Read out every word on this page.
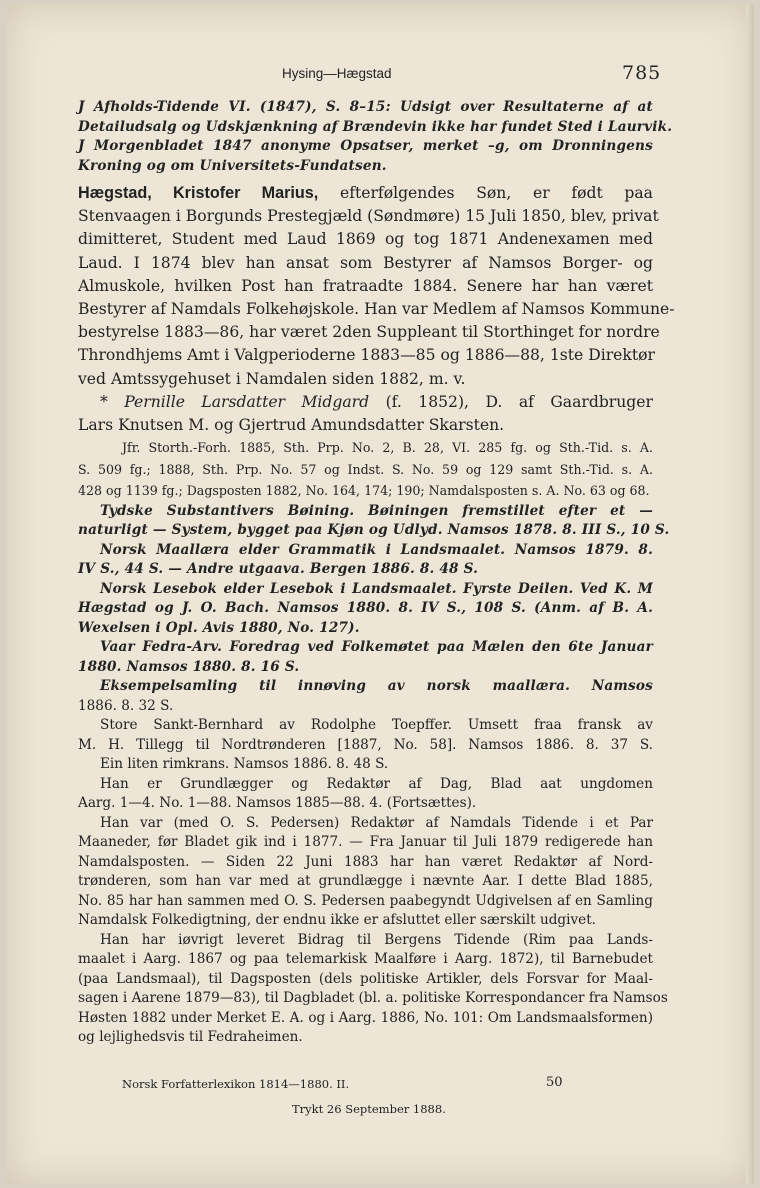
Hysing—Hægstad	785
J Afholds-Tidende VI. (1847), S. 8–15: Udsigt over Resultaterne af at
Detailudsalg og Udskjænkning af Brændevin ikke har fundet Sted i Laurvik.
J Morgenbladet 1847 anonyme Opsatser, merket –g, om Dronningens
Kroning og om Universitets-Fundatsen.
Hægstad, Kristofer Marius, efterfølgendes Søn, er født paa
Stenvaagen i Borgunds Prestegjæld (Søndmøre) 15 Juli 1850, blev, privat
dimitteret, Student med Laud 1869 og tog 1871 Andenexamen med
Laud. I 1874 blev han ansat som Bestyrer af Namsos Borger- og
Almuskole, hvilken Post han fratraadte 1884. Senere har han været
Bestyrer af Namdals Folkehøjskole. Han var Medlem af Namsos Kommune-
bestyrelse 1883—86, har været 2den Suppleant til Storthinget for nordre
Throndhjems Amt i Valgperioderne 1883—85 og 1886—88, 1ste Direktør
ved Amtssygehuset i Namdalen siden 1882, m. v.
* Pernille Larsdatter Midgard (f. 1852), D. af Gaardbruger
Lars Knutsen M. og Gjertrud Amundsdatter Skarsten.
Jfr. Storth.-Forh. 1885, Sth. Prp. No. 2, B. 28, VI. 285 fg. og Sth.-Tid. s. A.
S. 509 fg.; 1888, Sth. Prp. No. 57 og Indst. S. No. 59 og 129 samt Sth.-Tid. s. A.
428 og 1139 fg.; Dagsposten 1882, No. 164, 174; 190; Namdalsposten s. A. No. 63 og 68.
Tydske Substantivers Bøining. Bøiningen fremstillet efter et —
naturligt — System, bygget paa Kjøn og Udlyd. Namsos 1878. 8. III S., 10 S.
Norsk Maallæra elder Grammatik i Landsmaalet. Namsos 1879. 8.
IV S., 44 S. — Andre utgaava. Bergen 1886. 8. 48 S.
Norsk Lesebok elder Lesebok i Landsmaalet. Fyrste Deilen. Ved K. M
Hægstad og J. O. Bach. Namsos 1880. 8. IV S., 108 S. (Anm. af B. A.
Wexelsen i Opl. Avis 1880, No. 127).
Vaar Fedra-Arv. Foredrag ved Folkemøtet paa Mælen den 6te Januar
1880. Namsos 1880. 8. 16 S.
Eksempelsamling til innøving av norsk maallæra. Namsos
1886. 8. 32 S.
Store Sankt-Bernhard av Rodolphe Toepffer. Umsett fraa fransk av
M. H. Tillegg til Nordtrønderen [1887, No. 58]. Namsos 1886. 8. 37 S.
Ein liten rimkrans. Namsos 1886. 8. 48 S.
Han er Grundlægger og Redaktør af Dag, Blad aat ungdomen
Aarg. 1—4. No. 1—88. Namsos 1885—88. 4. (Fortsættes).
Han var (med O. S. Pedersen) Redaktør af Namdals Tidende i et Par
Maaneder, før Bladet gik ind i 1877. — Fra Januar til Juli 1879 redigerede han
Namdalsposten. — Siden 22 Juni 1883 har han været Redaktør af Nord-
trønderen, som han var med at grundlægge i nævnte Aar. I dette Blad 1885,
No. 85 har han sammen med O. S. Pedersen paabegyndt Udgivelsen af en Samling
Namdalsk Folkedigtning, der endnu ikke er afsluttet eller særskilt udgivet.
Han har iøvrigt leveret Bidrag til Bergens Tidende (Rim paa Lands-
maalet i Aarg. 1867 og paa telemarkisk Maalføre i Aarg. 1872), til Barnebudet
(paa Landsmaal), til Dagsposten (dels politiske Artikler, dels Forsvar for Maal-
sagen i Aarene 1879—83), til Dagbladet (bl. a. politiske Korrespondancer fra Namsos
Høsten 1882 under Merket E. A. og i Aarg. 1886, No. 101: Om Landsmaalsformen)
og lejlighedsvis til Fedraheimen.
Norsk Forfatterlexikon 1814—1880. II.	50
Trykt 26 September 1888.
